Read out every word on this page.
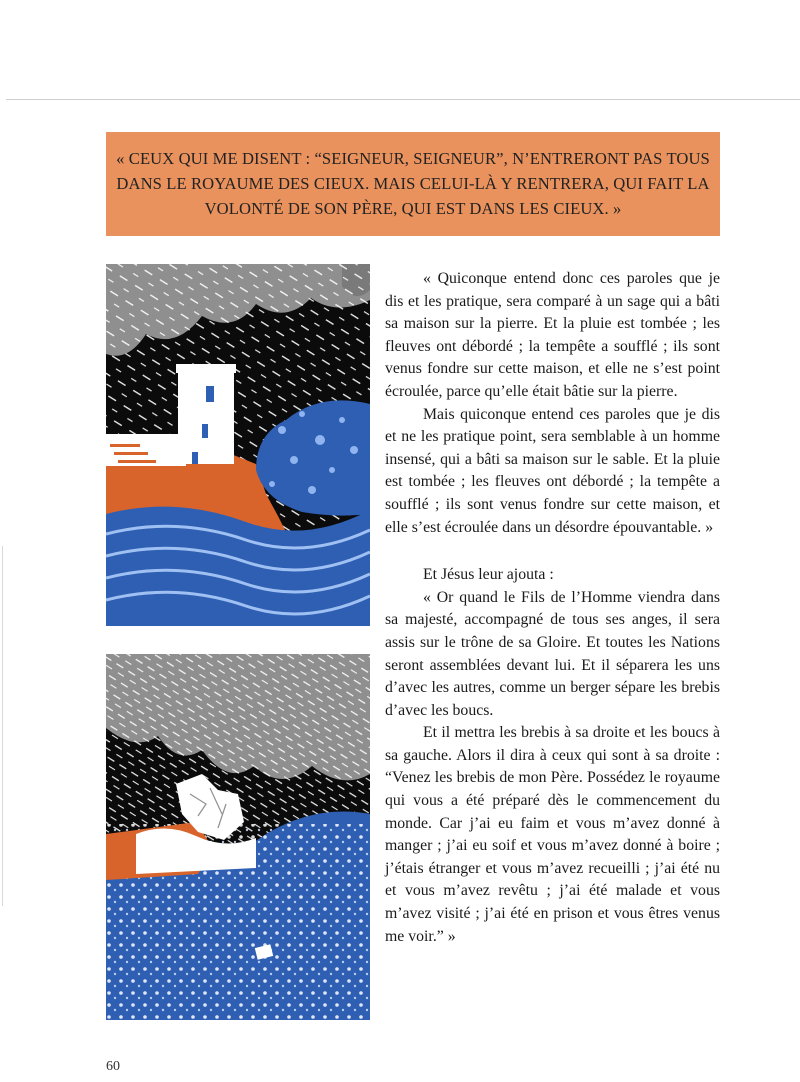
« CEUX QUI ME DISENT : “SEIGNEUR, SEIGNEUR”, N’ENTRERONT PAS TOUS DANS LE ROYAUME DES CIEUX. MAIS CELUI-LÀ Y RENTRERA, QUI FAIT LA VOLONTÉ DE SON PÈRE, QUI EST DANS LES CIEUX. »

« Quiconque entend donc ces paroles que je dis et les pratique, sera comparé à un sage qui a bâti sa maison sur la pierre. Et la pluie est tombée ; les fleuves ont débordé ; la tempête a soufflé ; ils sont venus fondre sur cette maison, et elle ne s’est point écroulée, parce qu’elle était bâtie sur la pierre.

Mais quiconque entend ces paroles que je dis et ne les pratique point, sera semblable à un homme insensé, qui a bâti sa maison sur le sable. Et la pluie est tombée ; les fleuves ont débordé ; la tempête a soufflé ; ils sont venus fondre sur cette maison, et elle s’est écroulée dans un désordre épouvantable. »

Et Jésus leur ajouta :

« Or quand le Fils de l’Homme viendra dans sa majesté, accompagné de tous ses anges, il sera assis sur le trône de sa Gloire. Et toutes les Nations seront assemblées devant lui. Et il séparera les uns d’avec les autres, comme un berger sépare les brebis d’avec les boucs.

Et il mettra les brebis à sa droite et les boucs à sa gauche. Alors il dira à ceux qui sont à sa droite : “Venez les brebis de mon Père. Possédez le royaume qui vous a été préparé dès le commencement du monde. Car j’ai eu faim et vous m’avez donné à manger ; j’ai eu soif et vous m’avez donné à boire ; j’étais étranger et vous m’avez recueilli ; j’ai été nu et vous m’avez revêtu ; j’ai été malade et vous m’avez visité ; j’ai été en prison et vous êtres venus me voir.” »

60
